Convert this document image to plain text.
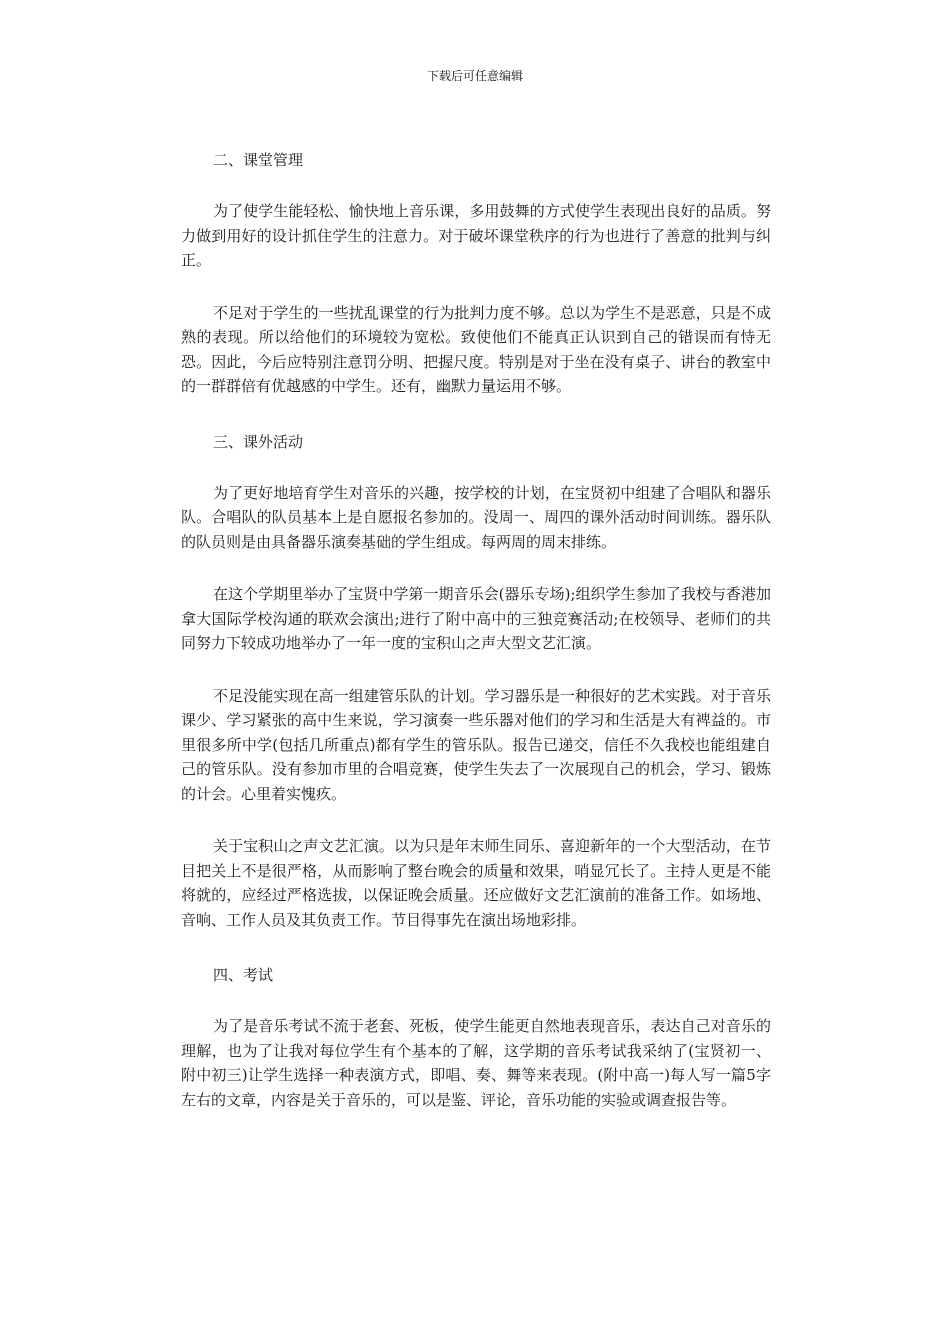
下载后可任意编辑
二、课堂管理

为了使学生能轻松、愉快地上音乐课，多用鼓舞的方式使学生表现出良好的品质。努力做到用好的设计抓住学生的注意力。对于破坏课堂秩序的行为也进行了善意的批判与纠正。

不足对于学生的一些扰乱课堂的行为批判力度不够。总以为学生不是恶意，只是不成熟的表现。所以给他们的环境较为宽松。致使他们不能真正认识到自己的错误而有恃无恐。因此，今后应特别注意罚分明、把握尺度。特别是对于坐在没有桌子、讲台的教室中的一群群倍有优越感的中学生。还有，幽默力量运用不够。

三、课外活动

为了更好地培育学生对音乐的兴趣，按学校的计划，在宝贤初中组建了合唱队和器乐队。合唱队的队员基本上是自愿报名参加的。没周一、周四的课外活动时间训练。器乐队的队员则是由具备器乐演奏基础的学生组成。每两周的周末排练。

在这个学期里举办了宝贤中学第一期音乐会(器乐专场);组织学生参加了我校与香港加拿大国际学校沟通的联欢会演出;进行了附中高中的三独竞赛活动;在校领导、老师们的共同努力下较成功地举办了一年一度的宝积山之声大型文艺汇演。

不足没能实现在高一组建管乐队的计划。学习器乐是一种很好的艺术实践。对于音乐课少、学习紧张的高中生来说，学习演奏一些乐器对他们的学习和生活是大有裨益的。市里很多所中学(包括几所重点)都有学生的管乐队。报告已递交，信任不久我校也能组建自己的管乐队。没有参加市里的合唱竞赛，使学生失去了一次展现自己的机会，学习、锻炼的计会。心里着实愧疚。

关于宝积山之声文艺汇演。以为只是年末师生同乐、喜迎新年的一个大型活动，在节目把关上不是很严格，从而影响了整台晚会的质量和效果，哨显冗长了。主持人更是不能将就的，应经过严格选拔，以保证晚会质量。还应做好文艺汇演前的准备工作。如场地、音响、工作人员及其负责工作。节目得事先在演出场地彩排。

四、考试

为了是音乐考试不流于老套、死板，使学生能更自然地表现音乐，表达自己对音乐的理解，也为了让我对每位学生有个基本的了解，这学期的音乐考试我采纳了(宝贤初一、附中初三)让学生选择一种表演方式，即唱、奏、舞等来表现。(附中高一)每人写一篇5字左右的文章，内容是关于音乐的，可以是鉴、评论，音乐功能的实验或调查报告等。
